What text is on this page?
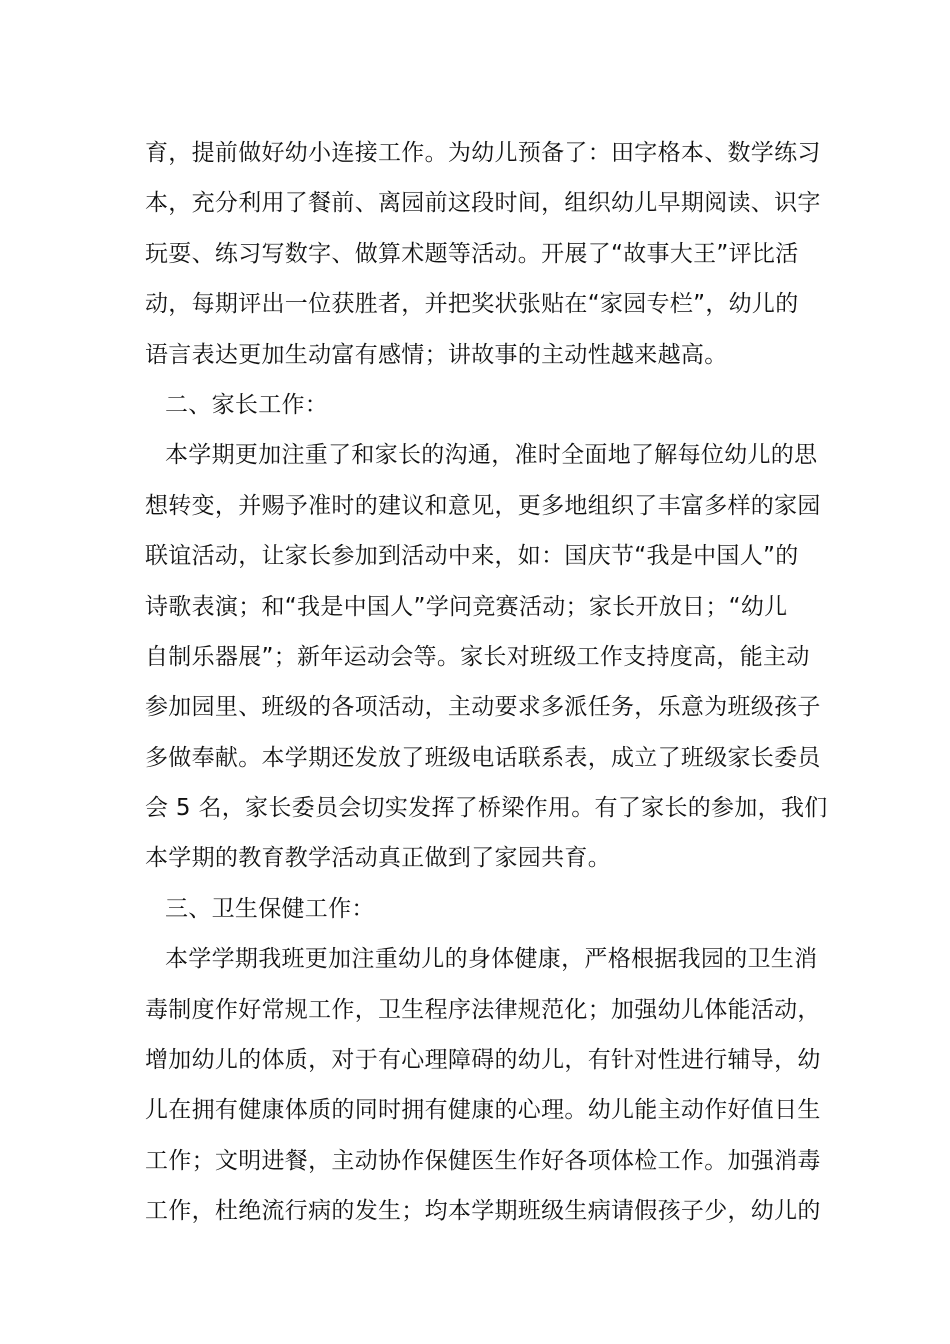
育，提前做好幼小连接工作。为幼儿预备了：田字格本、数学练习
本，充分利用了餐前、离园前这段时间，组织幼儿早期阅读、识字
玩耍、练习写数字、做算术题等活动。开展了“故事大王”评比活
动，每期评出一位获胜者，并把奖状张贴在“家园专栏”，幼儿的
语言表达更加生动富有感情；讲故事的主动性越来越高。
二、家长工作：
本学期更加注重了和家长的沟通，准时全面地了解每位幼儿的思
想转变，并赐予准时的建议和意见，更多地组织了丰富多样的家园
联谊活动，让家长参加到活动中来，如：国庆节“我是中国人”的
诗歌表演；和“我是中国人”学问竞赛活动；家长开放日；“幼儿
自制乐器展”；新年运动会等。家长对班级工作支持度高，能主动
参加园里、班级的各项活动，主动要求多派任务，乐意为班级孩子
多做奉献。本学期还发放了班级电话联系表，成立了班级家长委员
会 5 名，家长委员会切实发挥了桥梁作用。有了家长的参加，我们
本学期的教育教学活动真正做到了家园共育。
三、卫生保健工作：
本学学期我班更加注重幼儿的身体健康，严格根据我园的卫生消
毒制度作好常规工作，卫生程序法律规范化；加强幼儿体能活动，
增加幼儿的体质，对于有心理障碍的幼儿，有针对性进行辅导，幼
儿在拥有健康体质的同时拥有健康的心理。幼儿能主动作好值日生
工作；文明进餐，主动协作保健医生作好各项体检工作。加强消毒
工作，杜绝流行病的发生；均本学期班级生病请假孩子少，幼儿的
